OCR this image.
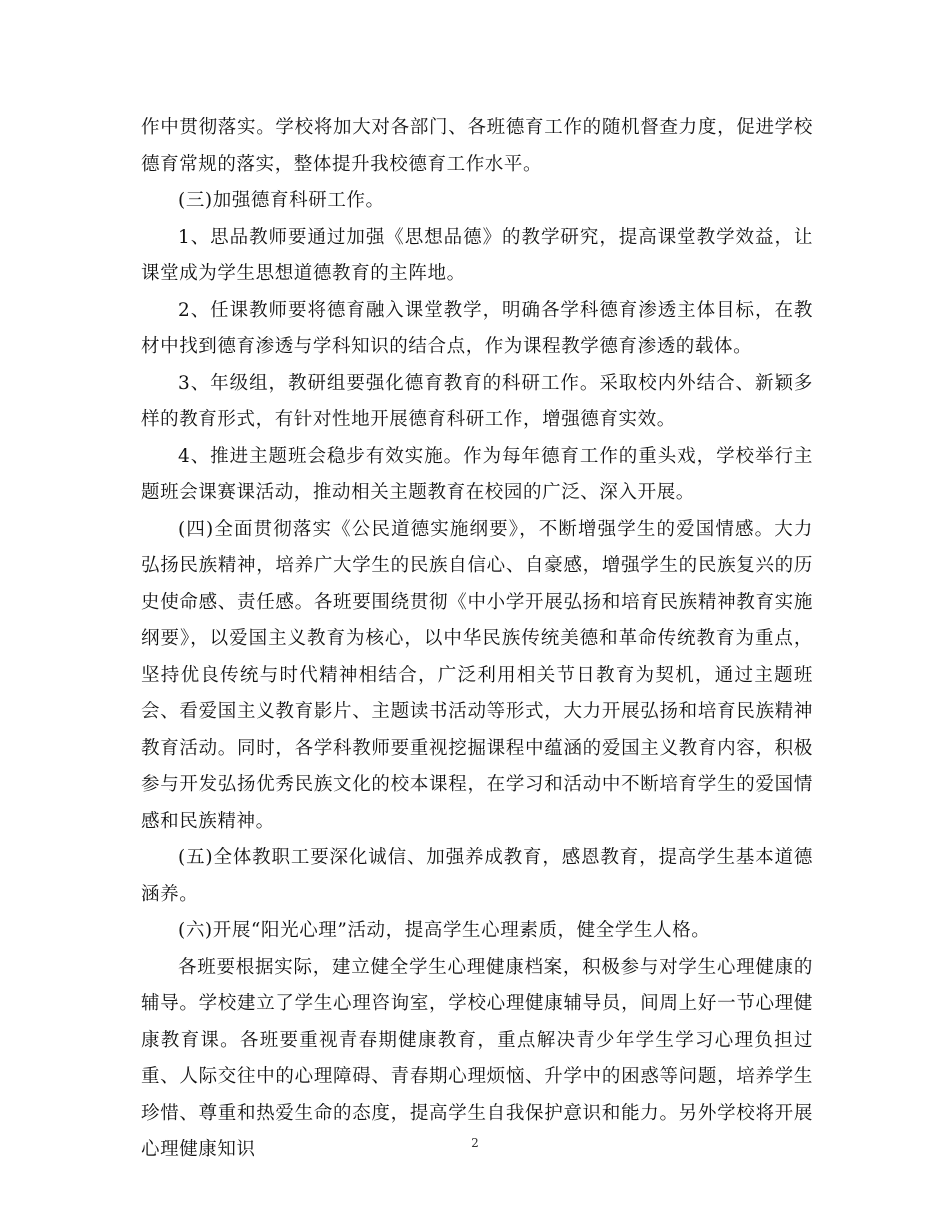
作中贯彻落实。学校将加大对各部门、各班德育工作的随机督查力度，促进学校德育常规的落实，整体提升我校德育工作水平。

(三)加强德育科研工作。

1、思品教师要通过加强《思想品德》的教学研究，提高课堂教学效益，让课堂成为学生思想道德教育的主阵地。

2、任课教师要将德育融入课堂教学，明确各学科德育渗透主体目标，在教材中找到德育渗透与学科知识的结合点，作为课程教学德育渗透的载体。

3、年级组，教研组要强化德育教育的科研工作。采取校内外结合、新颖多样的教育形式，有针对性地开展德育科研工作，增强德育实效。

4、推进主题班会稳步有效实施。作为每年德育工作的重头戏，学校举行主题班会课赛课活动，推动相关主题教育在校园的广泛、深入开展。

(四)全面贯彻落实《公民道德实施纲要》，不断增强学生的爱国情感。大力弘扬民族精神，培养广大学生的民族自信心、自豪感，增强学生的民族复兴的历史使命感、责任感。各班要围绕贯彻《中小学开展弘扬和培育民族精神教育实施纲要》，以爱国主义教育为核心，以中华民族传统美德和革命传统教育为重点，坚持优良传统与时代精神相结合，广泛利用相关节日教育为契机，通过主题班会、看爱国主义教育影片、主题读书活动等形式，大力开展弘扬和培育民族精神教育活动。同时，各学科教师要重视挖掘课程中蕴涵的爱国主义教育内容，积极参与开发弘扬优秀民族文化的校本课程，在学习和活动中不断培育学生的爱国情感和民族精神。

(五)全体教职工要深化诚信、加强养成教育，感恩教育，提高学生基本道德涵养。

(六)开展“阳光心理”活动，提高学生心理素质，健全学生人格。

各班要根据实际，建立健全学生心理健康档案，积极参与对学生心理健康的辅导。学校建立了学生心理咨询室，学校心理健康辅导员，间周上好一节心理健康教育课。各班要重视青春期健康教育，重点解决青少年学生学习心理负担过重、人际交往中的心理障碍、青春期心理烦恼、升学中的困惑等问题，培养学生珍惜、尊重和热爱生命的态度，提高学生自我保护意识和能力。另外学校将开展心理健康知识	2
